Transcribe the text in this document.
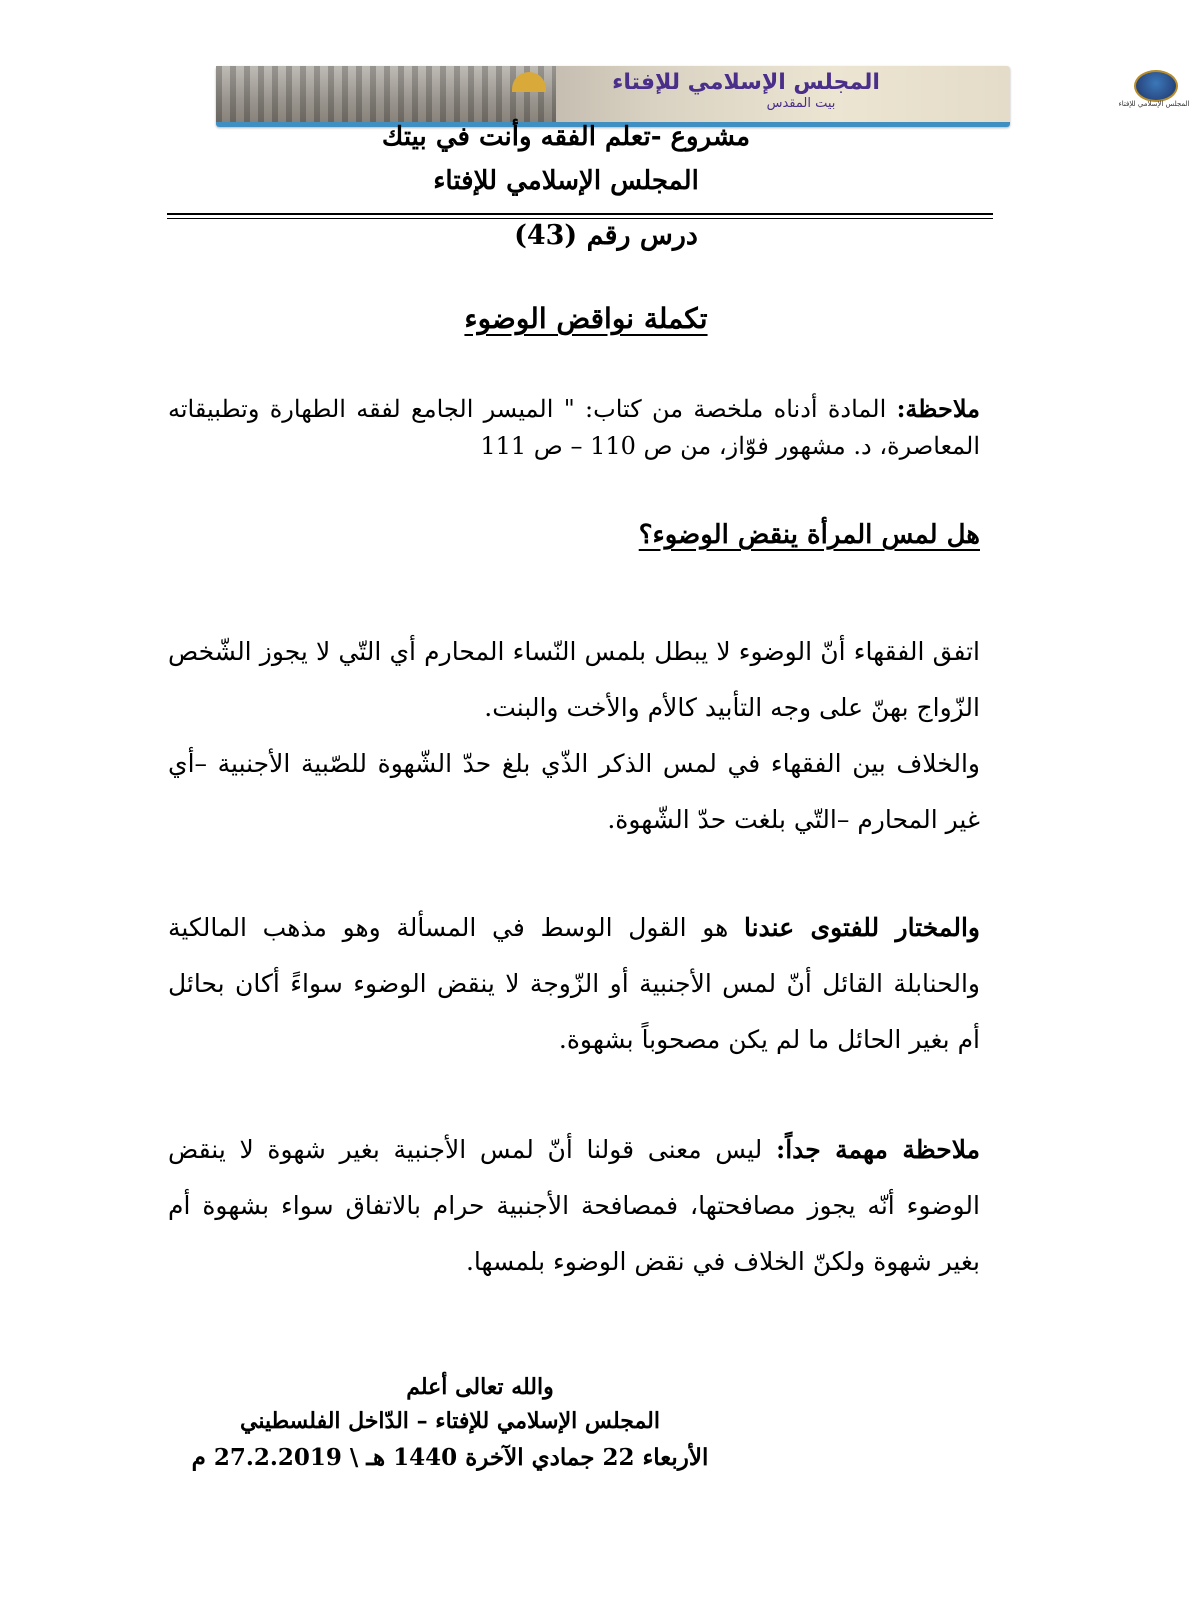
المجلس الإسلامي للإفتاء
بيت المقدس	المجلس الإسلامي للإفتاء
مشروع -تعلم الفقه وأنت في بيتك
المجلس الإسلامي للإفتاء
درس رقم (43)
تكملة نواقض الوضوء
ملاحظة: المادة أدناه ملخصة من كتاب: " الميسر الجامع لفقه الطهارة وتطبيقاته المعاصرة، د. مشهور فوّاز، من ص 110 – ص 111
هل لمس المرأة ينقض الوضوء؟
اتفق الفقهاء أنّ الوضوء لا يبطل بلمس النّساء المحارم أي التّي لا يجوز الشّخص الزّواج بهنّ على وجه التأبيد كالأم والأخت والبنت.
والخلاف بين الفقهاء في لمس الذكر الذّي بلغ حدّ الشّهوة للصّبية الأجنبية –أي غير المحارم –التّي بلغت حدّ الشّهوة.
والمختار للفتوى عندنا هو القول الوسط في المسألة وهو مذهب المالكية والحنابلة القائل أنّ لمس الأجنبية أو الزّوجة لا ينقض الوضوء سواءً أكان بحائل أم بغير الحائل ما لم يكن مصحوباً بشهوة.
ملاحظة مهمة جداً: ليس معنى قولنا أنّ لمس الأجنبية بغير شهوة لا ينقض الوضوء أنّه يجوز مصافحتها، فمصافحة الأجنبية حرام بالاتفاق سواء بشهوة أم بغير شهوة ولكنّ الخلاف في نقض الوضوء بلمسها.
والله تعالى أعلم
المجلس الإسلامي للإفتاء – الدّاخل الفلسطيني
الأربعاء 22 جمادي الآخرة 1440 هـ \ 27.2.2019 م
